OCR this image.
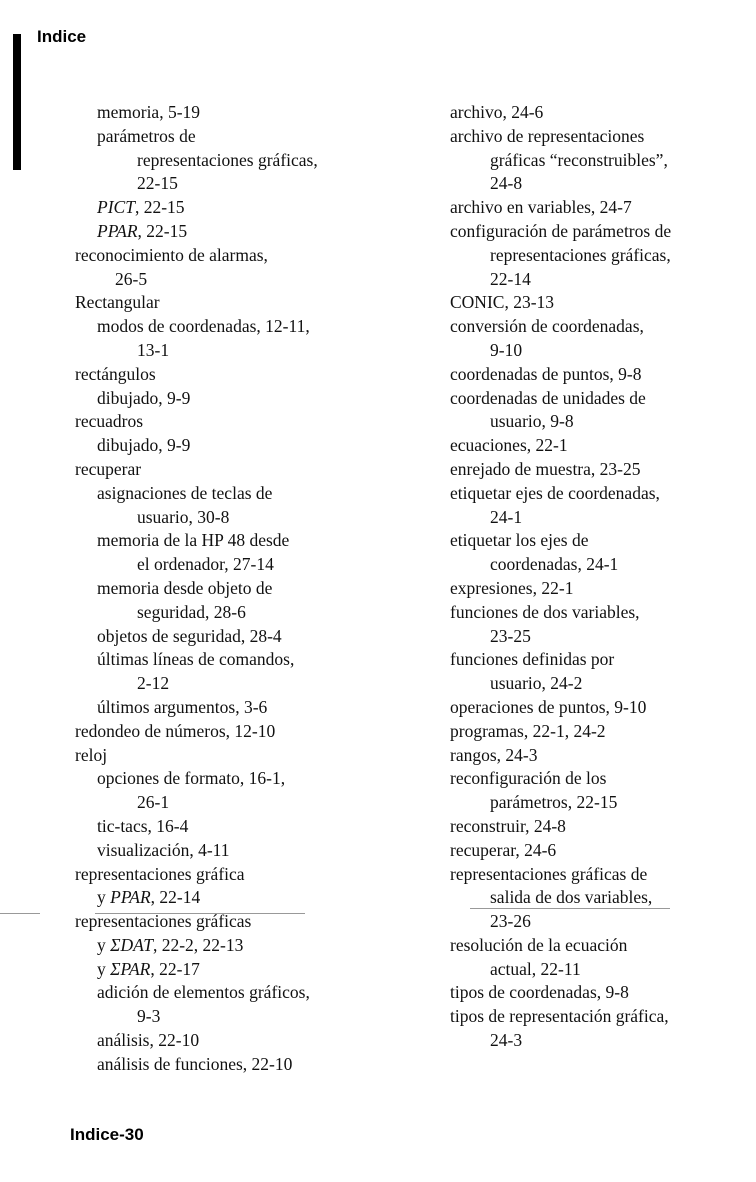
Indice
memoria, 5-19
parámetros de
representaciones gráficas,
22-15
PICT, 22-15
PPAR, 22-15
reconocimiento de alarmas,
26-5
Rectangular
modos de coordenadas, 12-11,
13-1
rectángulos
dibujado, 9-9
recuadros
dibujado, 9-9
recuperar
asignaciones de teclas de
usuario, 30-8
memoria de la HP 48 desde
el ordenador, 27-14
memoria desde objeto de
seguridad, 28-6
objetos de seguridad, 28-4
últimas líneas de comandos,
2-12
últimos argumentos, 3-6
redondeo de números, 12-10
reloj
opciones de formato, 16-1,
26-1
tic-tacs, 16-4
visualización, 4-11
representaciones gráfica
y PPAR, 22-14
representaciones gráficas
y ΣDAT, 22-2, 22-13
y ΣPAR, 22-17
adición de elementos gráficos,
9-3
análisis, 22-10
análisis de funciones, 22-10
archivo, 24-6
archivo de representaciones
gráficas “reconstruibles”,
24-8
archivo en variables, 24-7
configuración de parámetros de
representaciones gráficas,
22-14
CONIC, 23-13
conversión de coordenadas,
9-10
coordenadas de puntos, 9-8
coordenadas de unidades de
usuario, 9-8
ecuaciones, 22-1
enrejado de muestra, 23-25
etiquetar ejes de coordenadas,
24-1
etiquetar los ejes de
coordenadas, 24-1
expresiones, 22-1
funciones de dos variables,
23-25
funciones definidas por
usuario, 24-2
operaciones de puntos, 9-10
programas, 22-1, 24-2
rangos, 24-3
reconfiguración de los
parámetros, 22-15
reconstruir, 24-8
recuperar, 24-6
representaciones gráficas de
salida de dos variables,
23-26
resolución de la ecuación
actual, 22-11
tipos de coordenadas, 9-8
tipos de representación gráfica,
24-3
Indice-30
